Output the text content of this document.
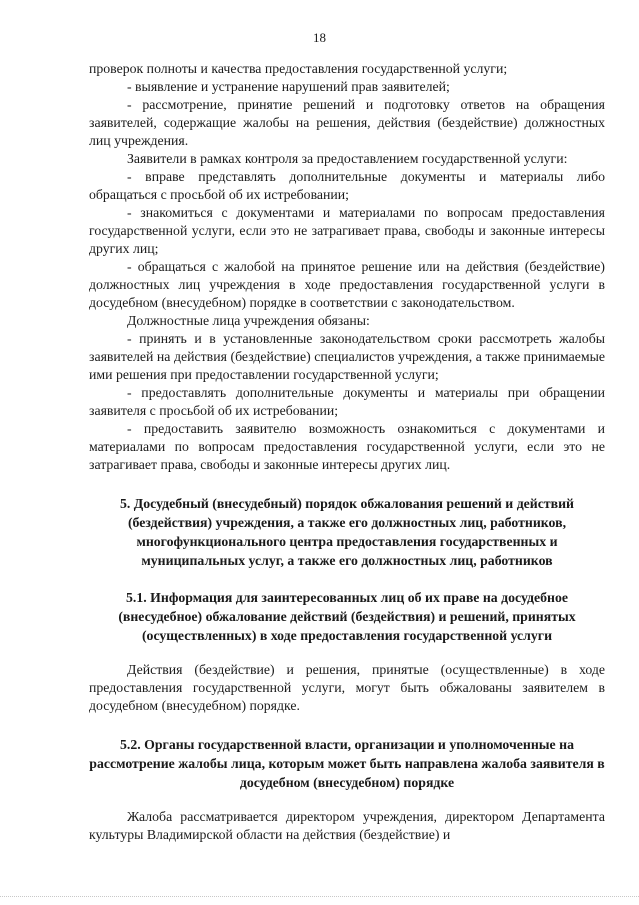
18

проверок полноты и качества предоставления государственной услуги;

- выявление и устранение нарушений прав заявителей;

- рассмотрение, принятие решений и подготовку ответов на обращения заявителей, содержащие жалобы на решения, действия (бездействие) должностных лиц учреждения.

Заявители в рамках контроля за предоставлением государственной услуги:

- вправе представлять дополнительные документы и материалы либо обращаться с просьбой об их истребовании;

- знакомиться с документами и материалами по вопросам предоставления государственной услуги, если это не затрагивает права, свободы и законные интересы других лиц;

- обращаться с жалобой на принятое решение или на действия (бездействие) должностных лиц учреждения в ходе предоставления государственной услуги в досудебном (внесудебном) порядке в соответствии с законодательством.

Должностные лица учреждения обязаны:

- принять и в установленные законодательством сроки рассмотреть жалобы заявителей на действия (бездействие) специалистов учреждения, а также принимаемые ими решения при предоставлении государственной услуги;

- предоставлять дополнительные документы и материалы при обращении заявителя с просьбой об их истребовании;

- предоставить заявителю возможность ознакомиться с документами и материалами по вопросам предоставления государственной услуги, если это не затрагивает права, свободы и законные интересы других лиц.

5. Досудебный (внесудебный) порядок обжалования решений и действий (бездействия) учреждения, а также его должностных лиц, работников, многофункционального центра предоставления государственных и муниципальных услуг, а также его должностных лиц, работников
5.1. Информация для заинтересованных лиц об их праве на досудебное (внесудебное) обжалование действий (бездействия) и решений, принятых (осуществленных) в ходе предоставления государственной услуги

Действия (бездействие) и решения, принятые (осуществленные) в ходе предоставления государственной услуги, могут быть обжалованы заявителем в досудебном (внесудебном) порядке.

5.2. Органы государственной власти, организации и уполномоченные на рассмотрение жалобы лица, которым может быть направлена жалоба заявителя в досудебном (внесудебном) порядке

Жалоба рассматривается директором учреждения, директором Департамента культуры Владимирской области на действия (бездействие) и
